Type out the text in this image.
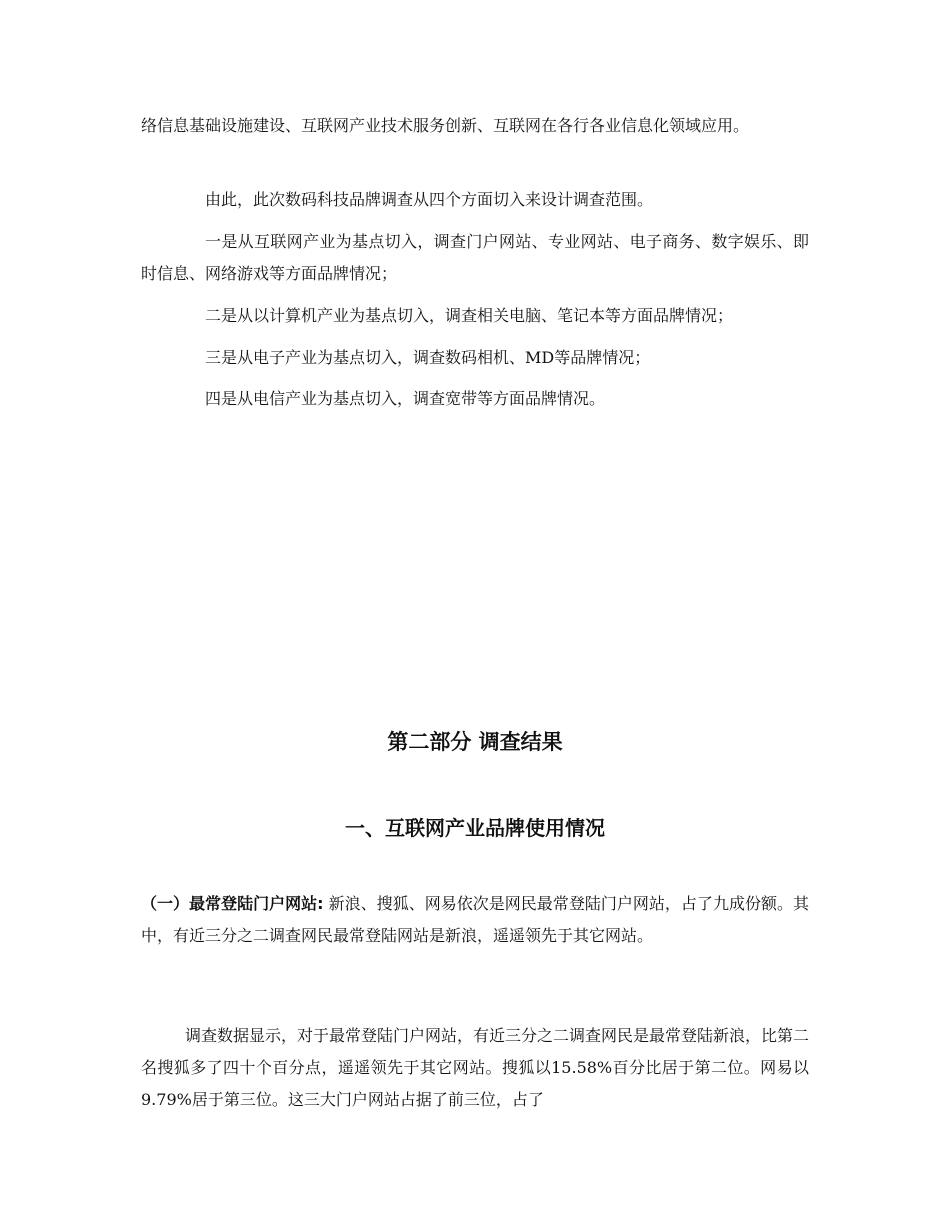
络信息基础设施建设、互联网产业技术服务创新、互联网在各行各业信息化领域应用。

由此，此次数码科技品牌调查从四个方面切入来设计调查范围。

一是从互联网产业为基点切入，调查门户网站、专业网站、电子商务、数字娱乐、即时信息、网络游戏等方面品牌情况；

二是从以计算机产业为基点切入，调查相关电脑、笔记本等方面品牌情况；

三是从电子产业为基点切入，调查数码相机、MD等品牌情况；

四是从电信产业为基点切入，调查宽带等方面品牌情况。

第二部分 调查结果
一、互联网产业品牌使用情况

（一）最常登陆门户网站: 新浪、搜狐、网易依次是网民最常登陆门户网站，占了九成份额。其中，有近三分之二调查网民最常登陆网站是新浪，遥遥领先于其它网站。

调查数据显示，对于最常登陆门户网站，有近三分之二调查网民是最常登陆新浪，比第二名搜狐多了四十个百分点，遥遥领先于其它网站。搜狐以15.58%百分比居于第二位。网易以9.79%居于第三位。这三大门户网站占据了前三位，占了
